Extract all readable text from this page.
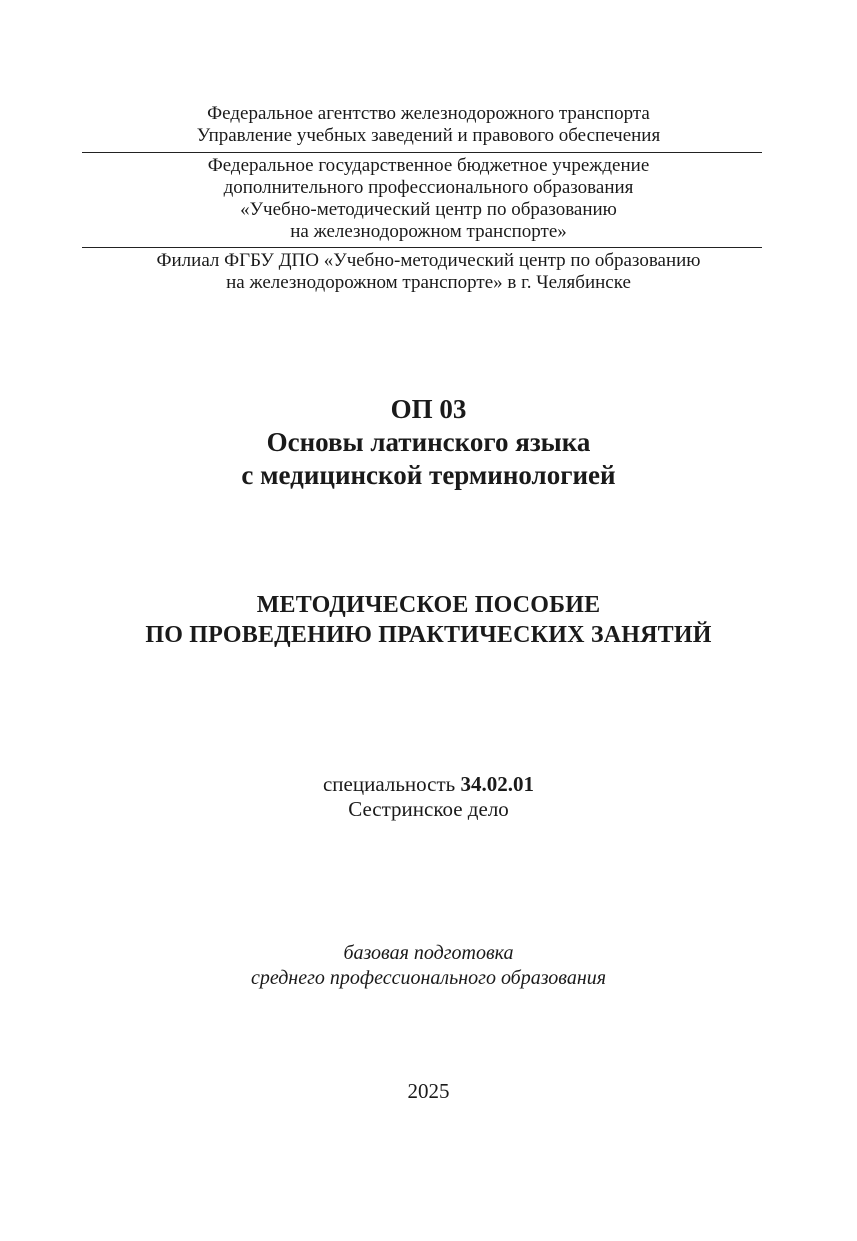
Федеральное агентство железнодорожного транспорта
Управление учебных заведений и правового обеспечения
Федеральное государственное бюджетное учреждение
дополнительного профессионального образования
«Учебно-методический центр по образованию
на железнодорожном транспорте»
Филиал ФГБУ ДПО «Учебно-методический центр по образованию
на железнодорожном транспорте» в г. Челябинске
ОП 03
Основы латинского языка
с медицинской терминологией
МЕТОДИЧЕСКОЕ ПОСОБИЕ
ПО ПРОВЕДЕНИЮ ПРАКТИЧЕСКИХ ЗАНЯТИЙ
специальность 34.02.01
Сестринское дело
базовая подготовка
среднего профессионального образования
2025
